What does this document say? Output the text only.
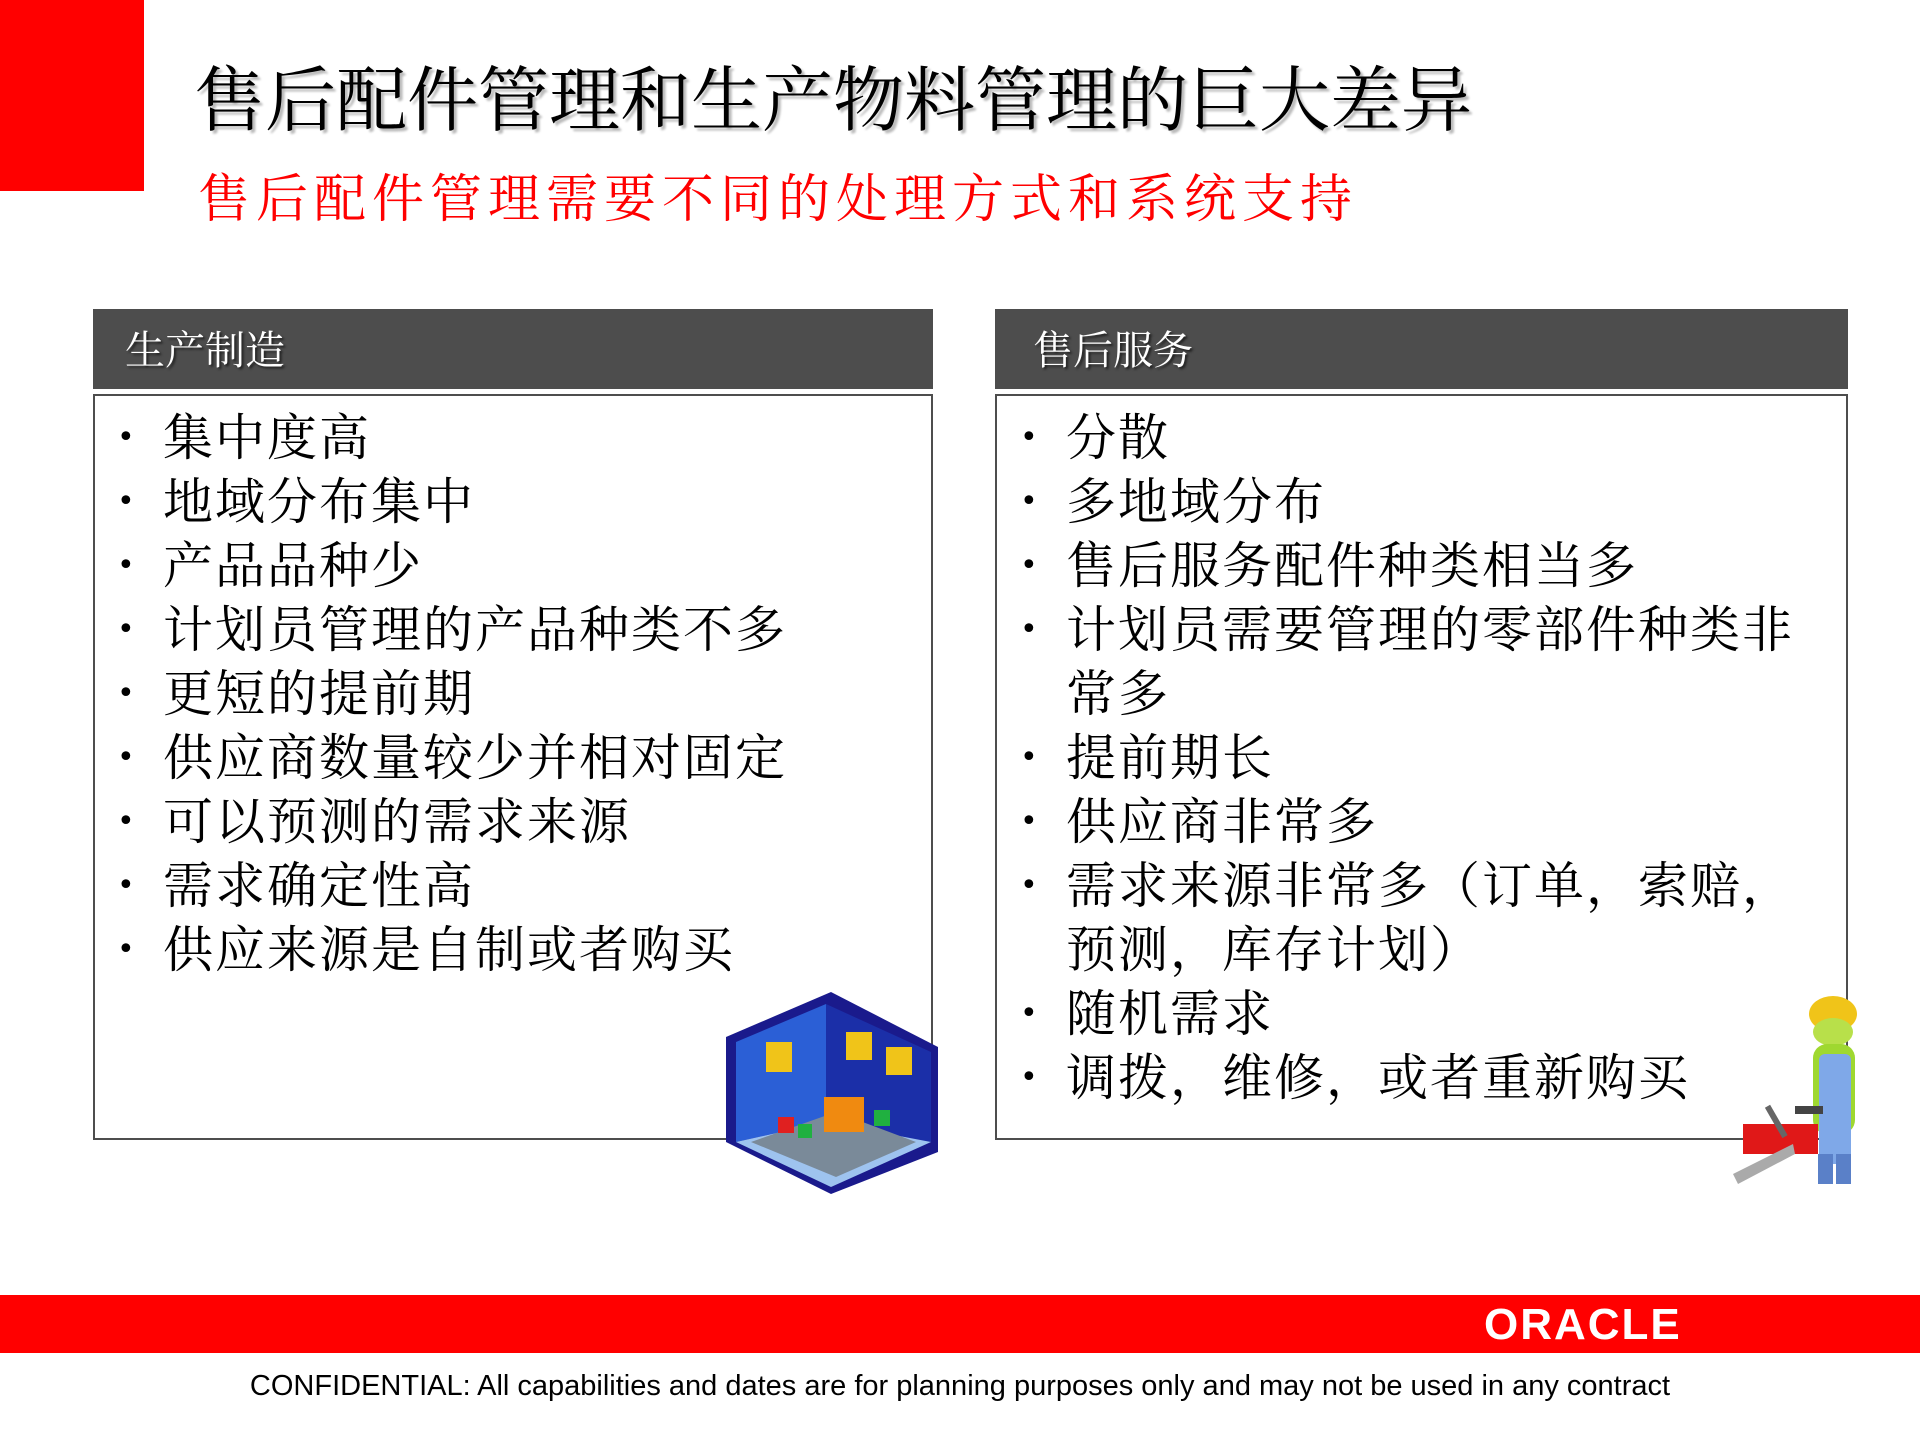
售后配件管理和生产物料管理的巨大差异
售后配件管理需要不同的处理方式和系统支持
生产制造
• 集中度高
• 地域分布集中
• 产品品种少
• 计划员管理的产品种类不多
• 更短的提前期
• 供应商数量较少并相对固定
• 可以预测的需求来源
• 需求确定性高
• 供应来源是自制或者购买
售后服务
• 分散
• 多地域分布
• 售后服务配件种类相当多
• 计划员需要管理的零部件种类非常多
• 提前期长
• 供应商非常多
• 需求来源非常多（订单，索赔，预测，库存计划）
• 随机需求
• 调拨，维修，或者重新购买
ORACLE
CONFIDENTIAL: All capabilities and dates are for planning purposes only and may not be used in any contract
